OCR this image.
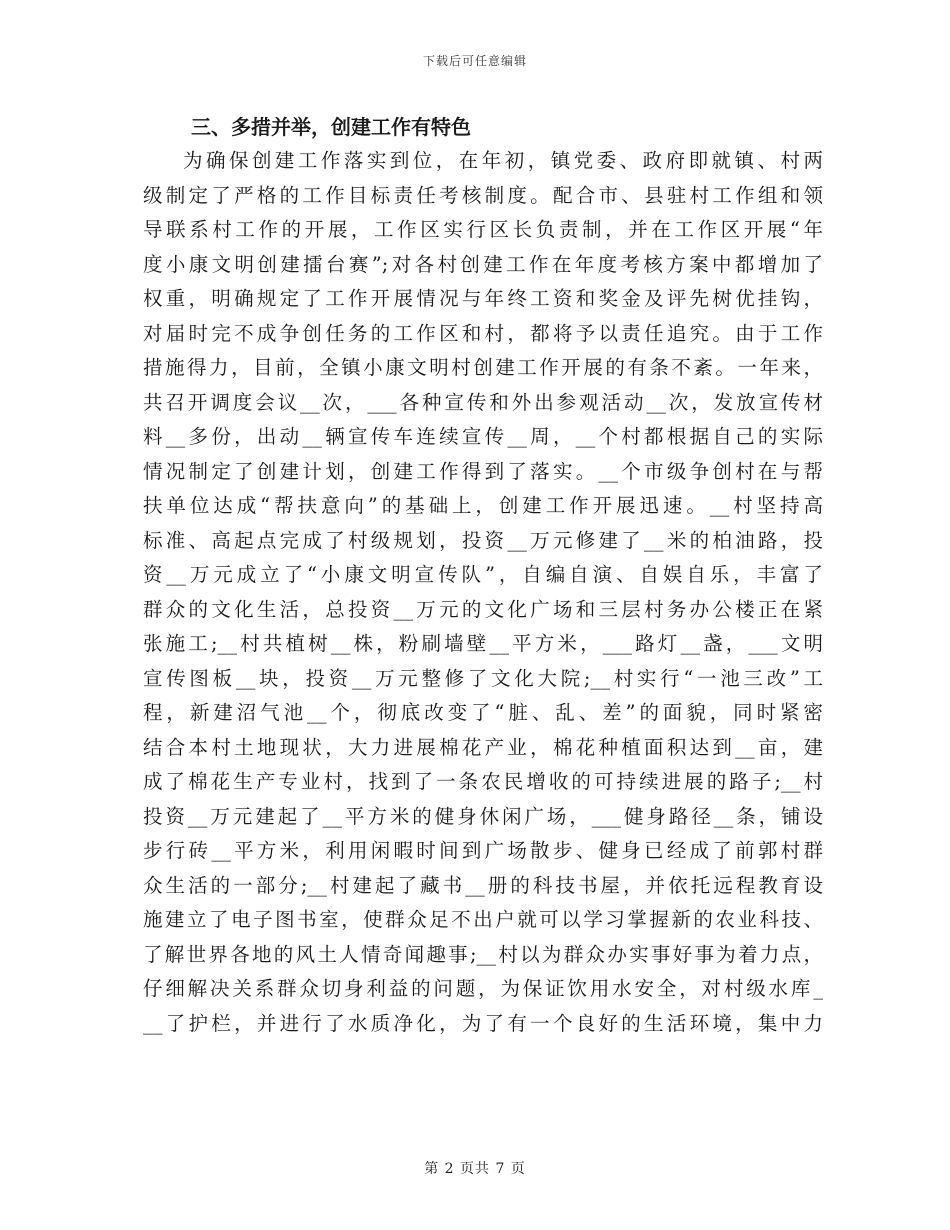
下载后可任意编辑
三、多措并举，创建工作有特色
为确保创建工作落实到位，在年初，镇党委、政府即就镇、村两
级制定了严格的工作目标责任考核制度。配合市、县驻村工作组和领
导联系村工作的开展，工作区实行区长负责制，并在工作区开展“年
度小康文明创建擂台赛”;对各村创建工作在年度考核方案中都增加了
权重，明确规定了工作开展情况与年终工资和奖金及评先树优挂钩，
对届时完不成争创任务的工作区和村，都将予以责任追究。由于工作
措施得力，目前，全镇小康文明村创建工作开展的有条不紊。一年来，
共召开调度会议__次，___各种宣传和外出参观活动__次，发放宣传材
料__多份，出动__辆宣传车连续宣传__周，__个村都根据自己的实际
情况制定了创建计划，创建工作得到了落实。__个市级争创村在与帮
扶单位达成“帮扶意向”的基础上，创建工作开展迅速。__村坚持高
标准、高起点完成了村级规划，投资__万元修建了__米的柏油路，投
资__万元成立了“小康文明宣传队”，自编自演、自娱自乐，丰富了
群众的文化生活，总投资__万元的文化广场和三层村务办公楼正在紧
张施工;__村共植树__株，粉刷墙壁__平方米，___路灯__盏，___文明
宣传图板__块，投资__万元整修了文化大院;__村实行“一池三改”工
程，新建沼气池__个，彻底改变了“脏、乱、差”的面貌，同时紧密
结合本村土地现状，大力进展棉花产业，棉花种植面积达到__亩，建
成了棉花生产专业村，找到了一条农民增收的可持续进展的路子;__村
投资__万元建起了__平方米的健身休闲广场，___健身路径__条，铺设
步行砖__平方米，利用闲暇时间到广场散步、健身已经成了前郭村群
众生活的一部分;__村建起了藏书__册的科技书屋，并依托远程教育设
施建立了电子图书室，使群众足不出户就可以学习掌握新的农业科技、
了解世界各地的风土人情奇闻趣事;__村以为群众办实事好事为着力点，
仔细解决关系群众切身利益的问题，为保证饮用水安全，对村级水库_
__了护栏，并进行了水质净化，为了有一个良好的生活环境，集中力
第 2 页共 7 页
